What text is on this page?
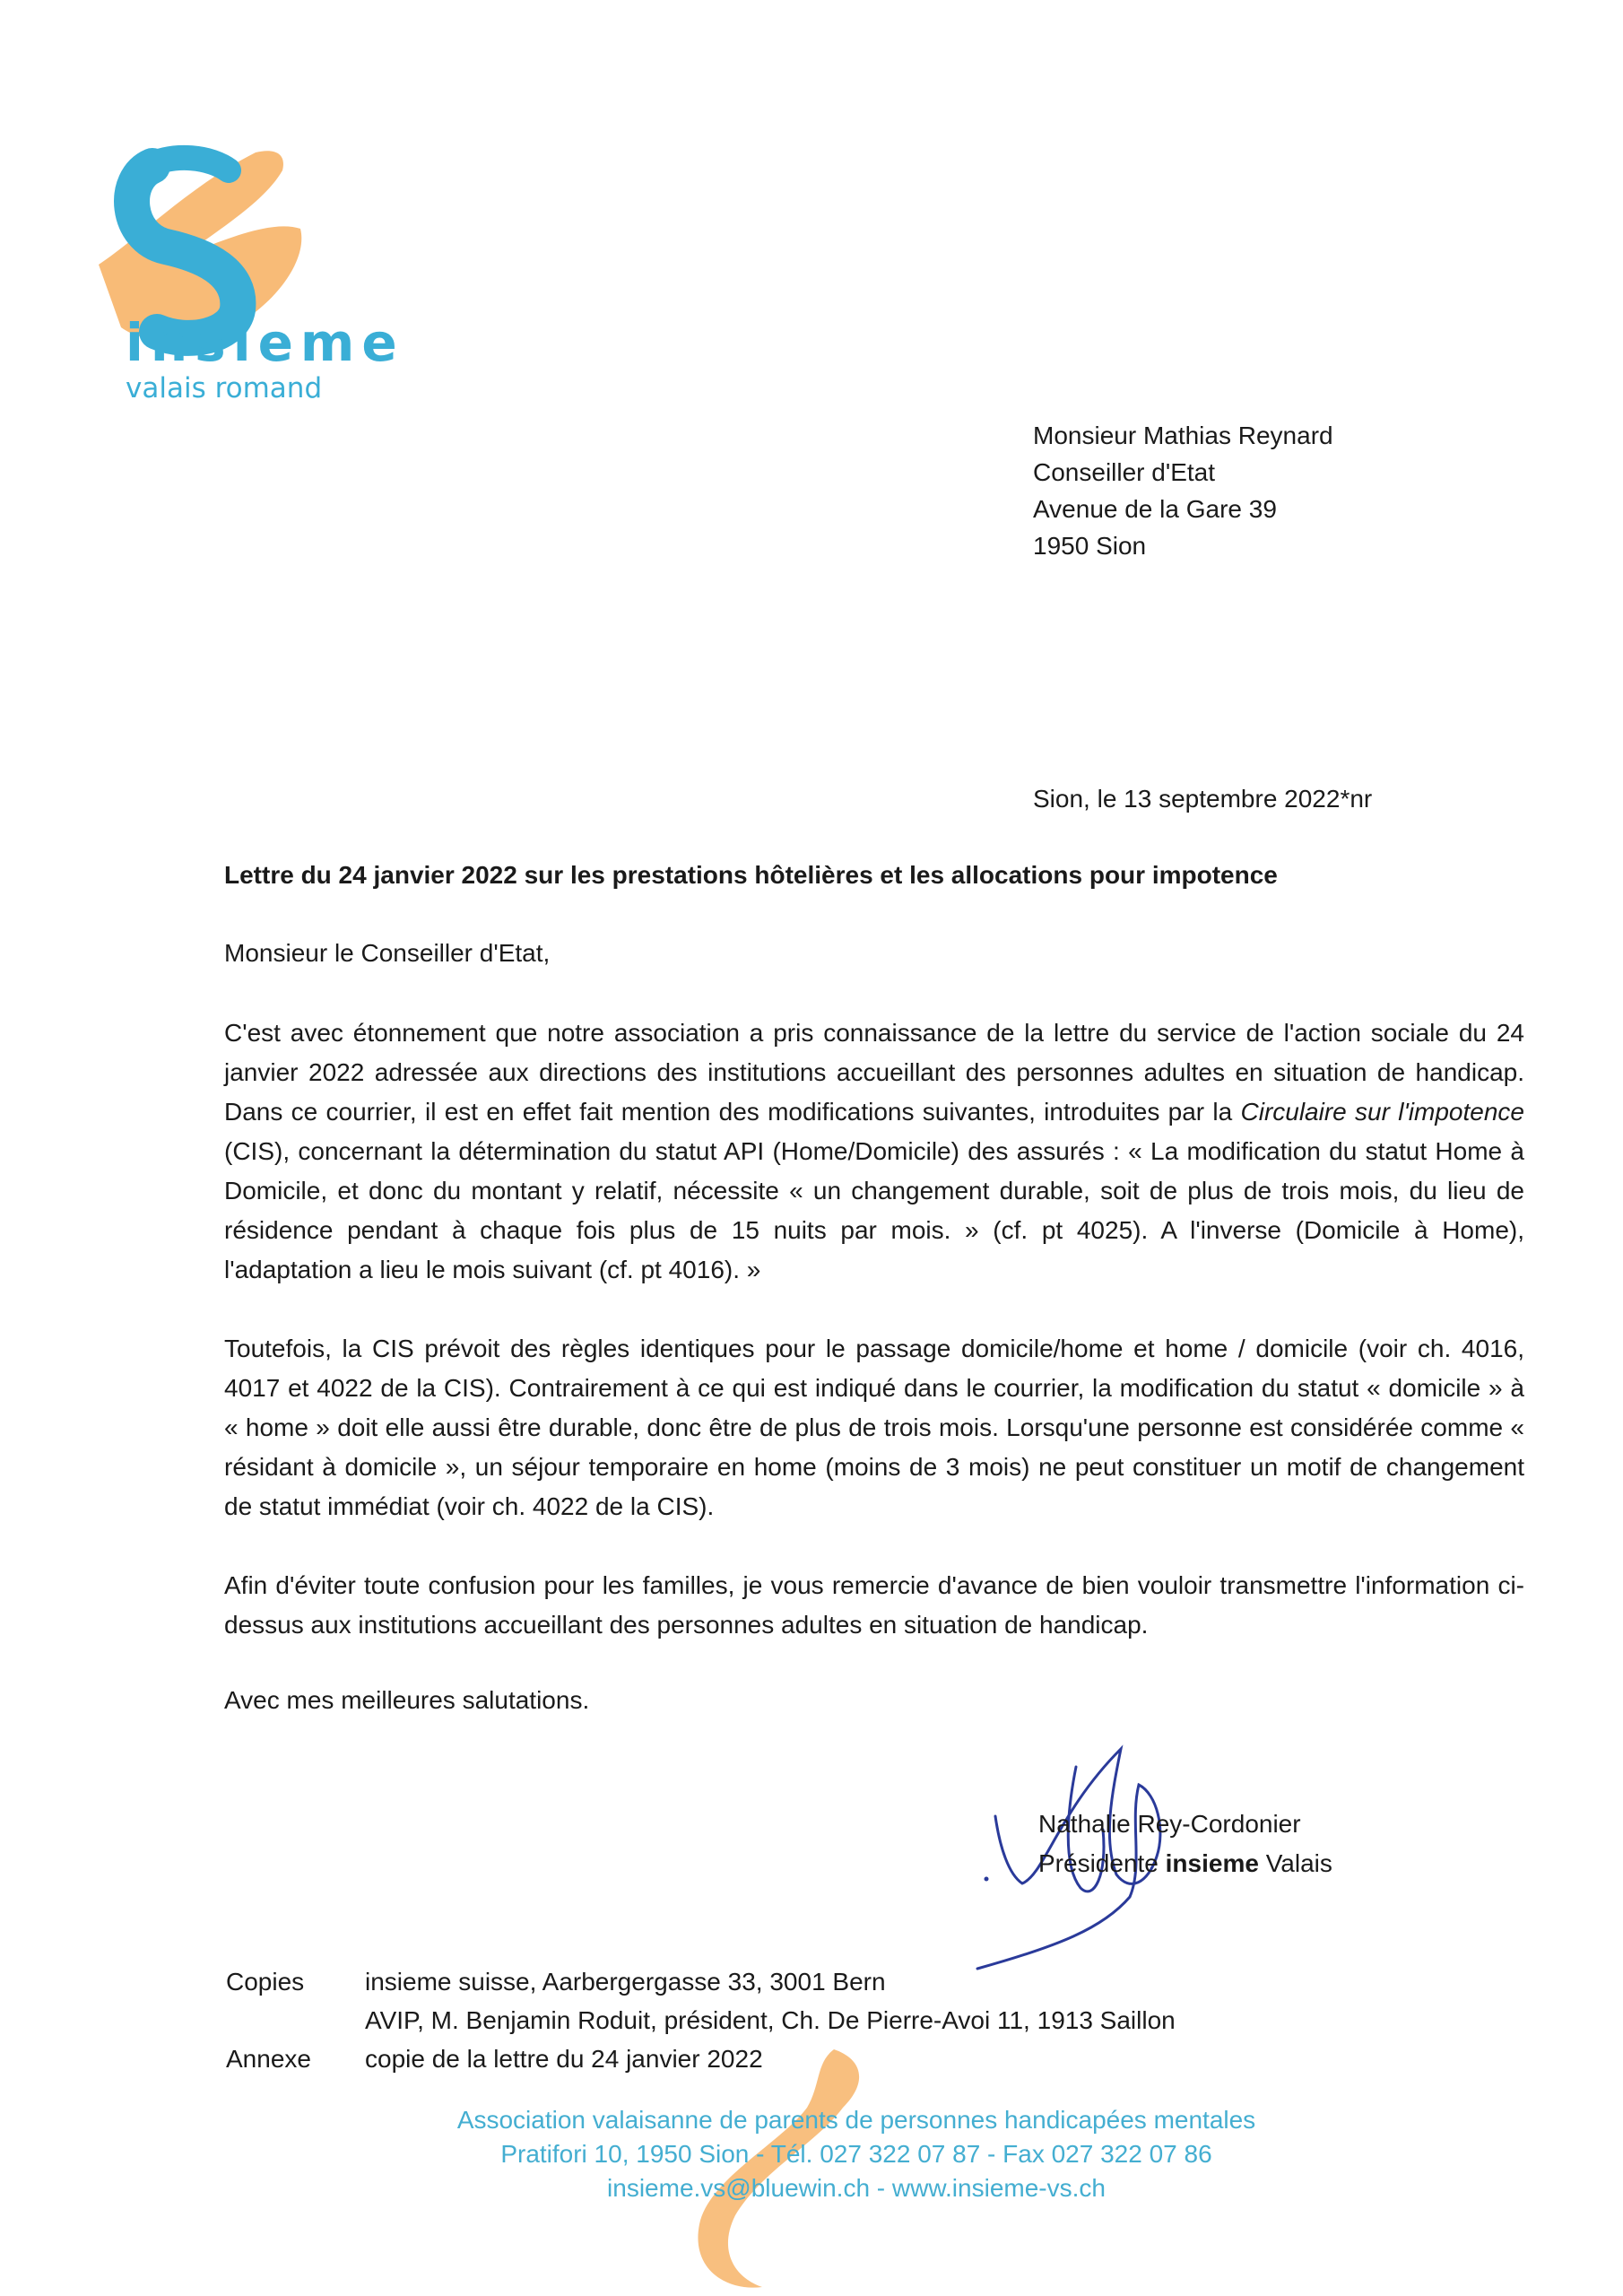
insieme
valais romand
Monsieur Mathias Reynard
Conseiller d'Etat
Avenue de la Gare 39
1950 Sion
Sion, le 13 septembre 2022*nr
Lettre du 24 janvier 2022 sur les prestations hôtelières et les allocations pour impotence
Monsieur le Conseiller d'Etat,

C'est avec étonnement que notre association a pris connaissance de la lettre du service de l'action sociale du 24 janvier 2022 adressée aux directions des institutions accueillant des personnes adultes en situation de handicap. Dans ce courrier, il est en effet fait mention des modifications suivantes, introduites par la Circulaire sur l'impotence (CIS), concernant la détermination du statut API (Home/Domicile) des assurés : « La modification du statut Home à Domicile, et donc du montant y relatif, nécessite « un changement durable, soit de plus de trois mois, du lieu de résidence pendant à chaque fois plus de 15 nuits par mois. » (cf. pt 4025). A l'inverse (Domicile à Home), l'adaptation a lieu le mois suivant (cf. pt 4016). »

Toutefois, la CIS prévoit des règles identiques pour le passage domicile/home et home / domicile (voir ch. 4016, 4017 et 4022 de la CIS). Contrairement à ce qui est indiqué dans le courrier, la modification du statut « domicile » à « home » doit elle aussi être durable, donc être de plus de trois mois. Lorsqu'une personne est considérée comme « résidant à domicile », un séjour temporaire en home (moins de 3 mois) ne peut constituer un motif de changement de statut immédiat (voir ch. 4022 de la CIS).

Afin d'éviter toute confusion pour les familles, je vous remercie d'avance de bien vouloir transmettre l'information ci-dessus aux institutions accueillant des personnes adultes en situation de handicap.

Avec mes meilleures salutations.
Nathalie Rey-Cordonier
Présidente insieme Valais
Copies	insieme suisse, Aarbergergasse 33, 3001 Bern
AVIP, M. Benjamin Roduit, président, Ch. De Pierre-Avoi 11, 1913 Saillon
Annexe	copie de la lettre du 24 janvier 2022
Association valaisanne de parents de personnes handicapées mentales
Pratifori 10, 1950 Sion - Tél. 027 322 07 87 - Fax 027 322 07 86
insieme.vs@bluewin.ch - www.insieme-vs.ch
